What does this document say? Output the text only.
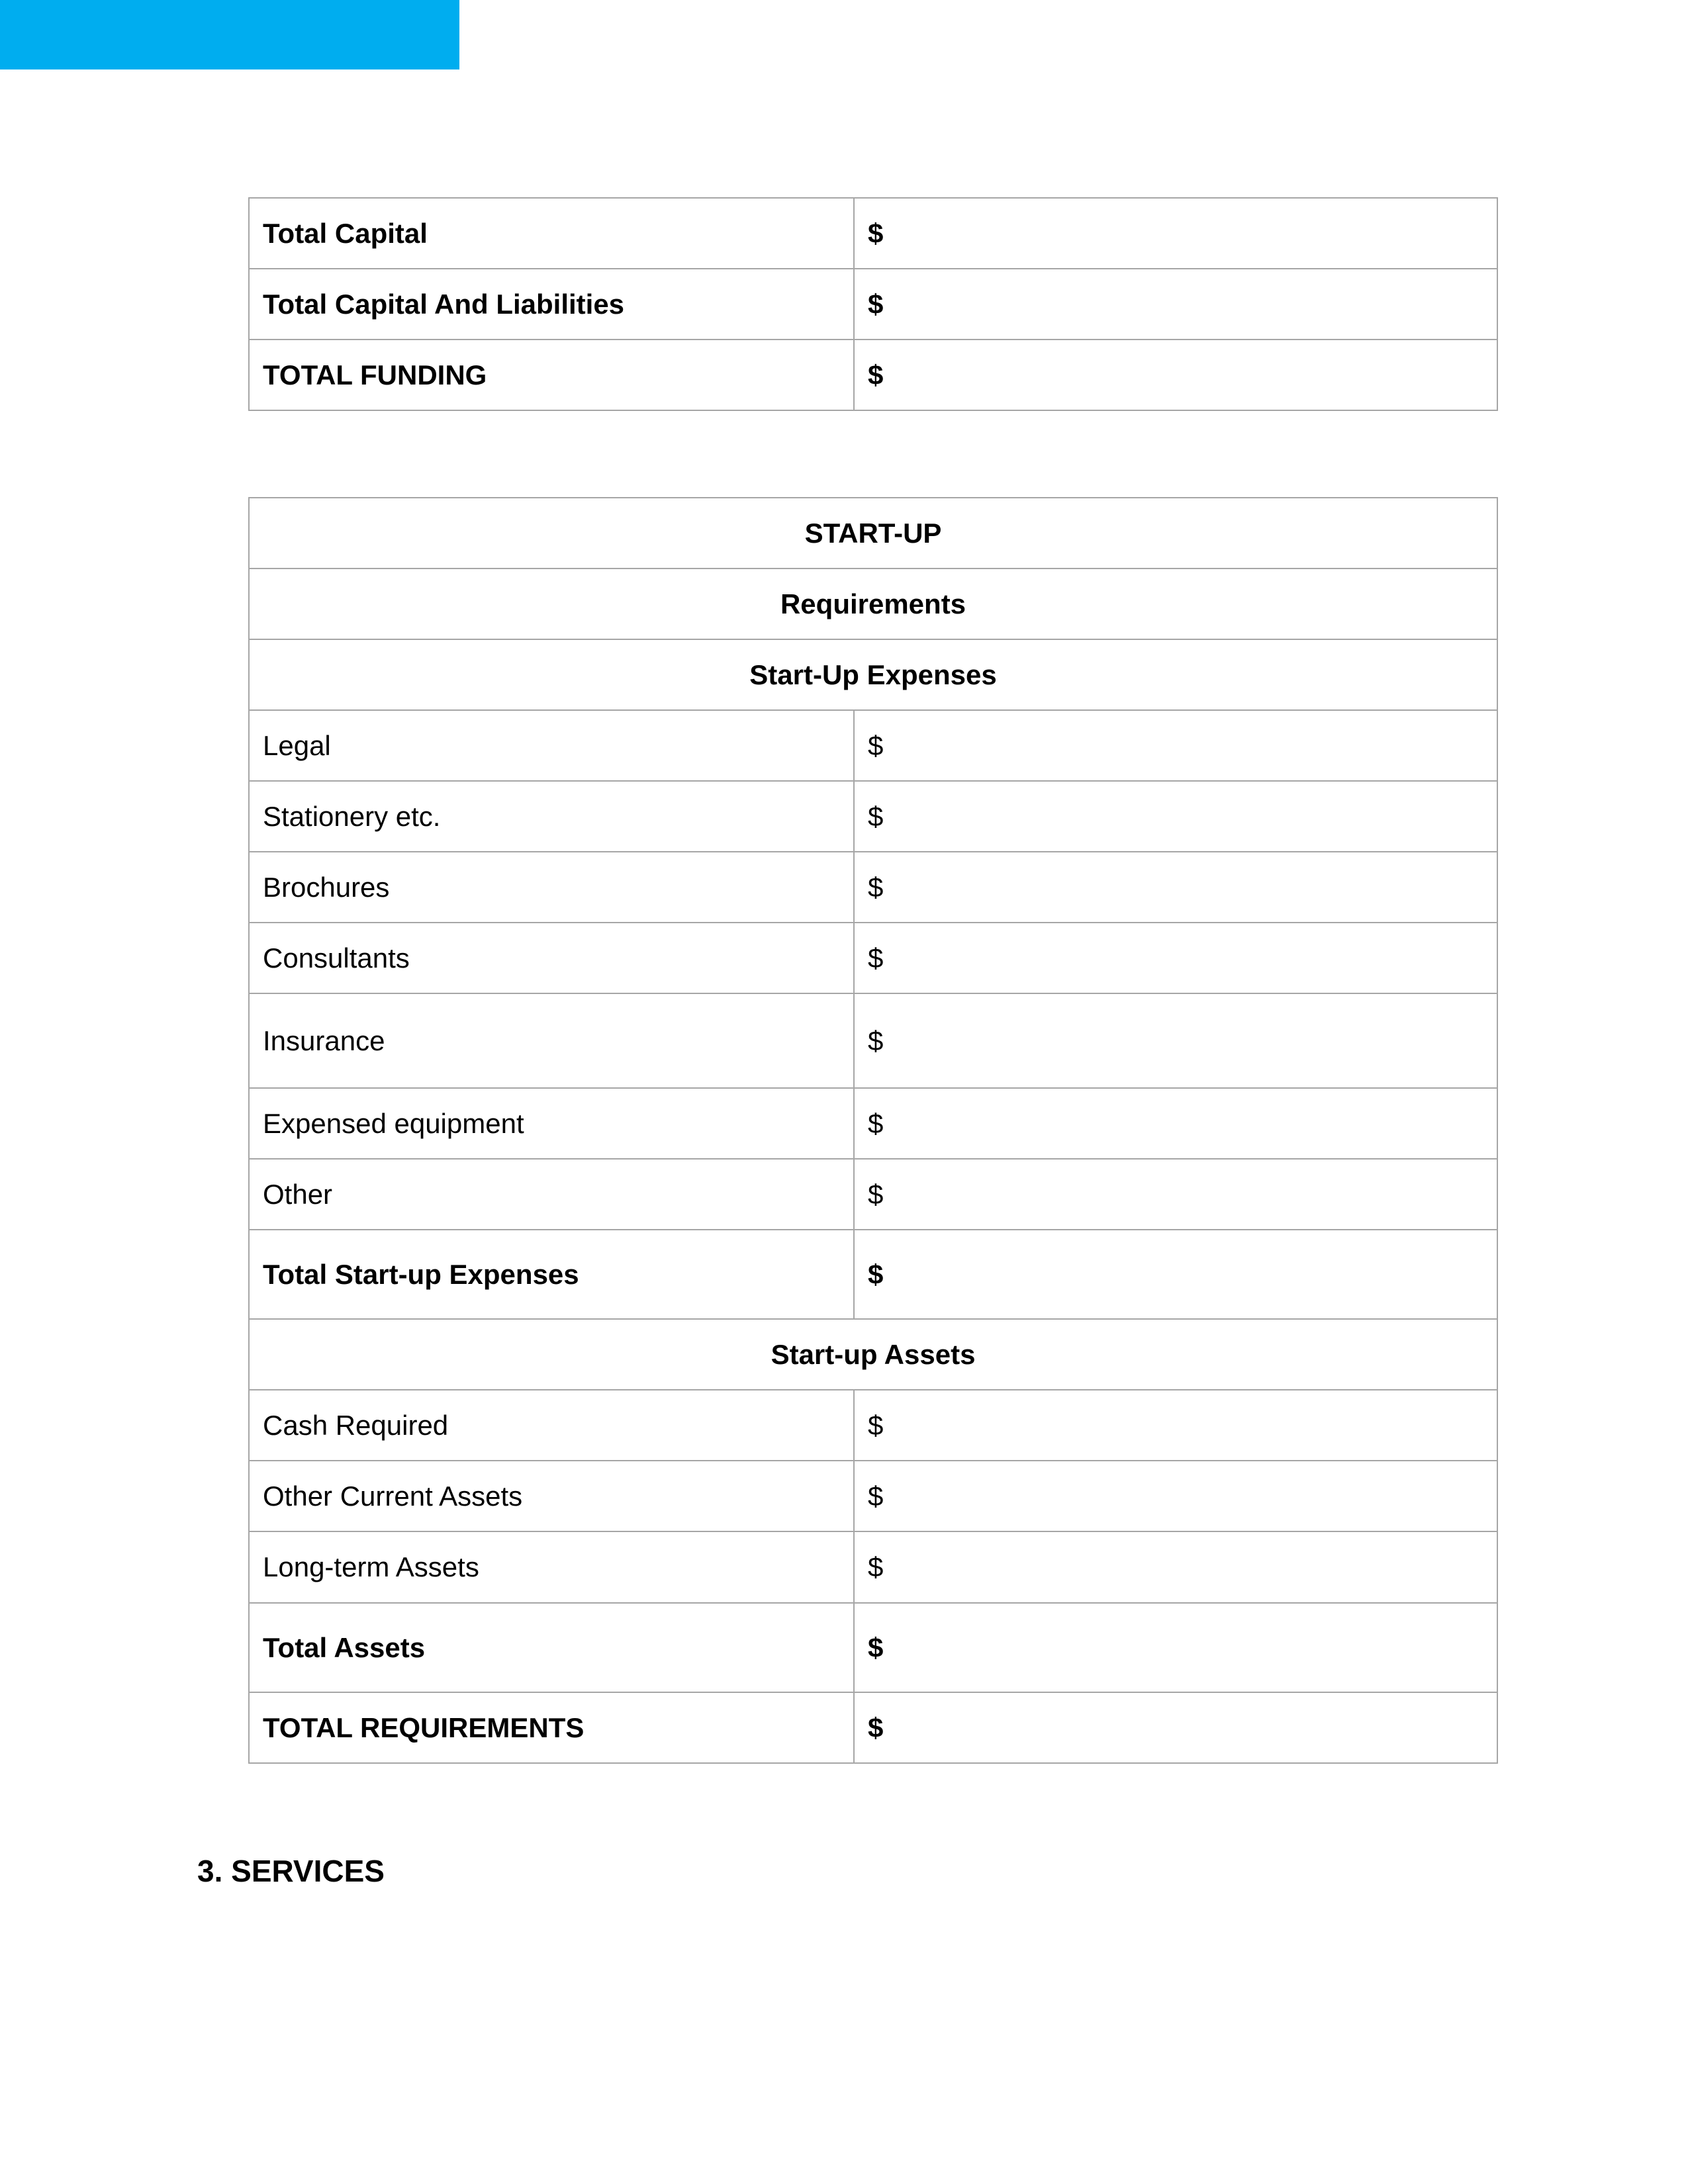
Total Capital	$
Total Capital And Liabilities	$
TOTAL FUNDING	$
START-UP	
Requirements	
Start-Up Expenses	
Legal	$
Stationery etc.	$
Brochures	$
Consultants	$
Insurance	$
Expensed equipment	$
Other	$
Total Start-up Expenses	$
Start-up Assets	
Cash Required	$
Other Current Assets	$
Long-term Assets	$
Total Assets	$
TOTAL REQUIREMENTS	$
3. SERVICES
